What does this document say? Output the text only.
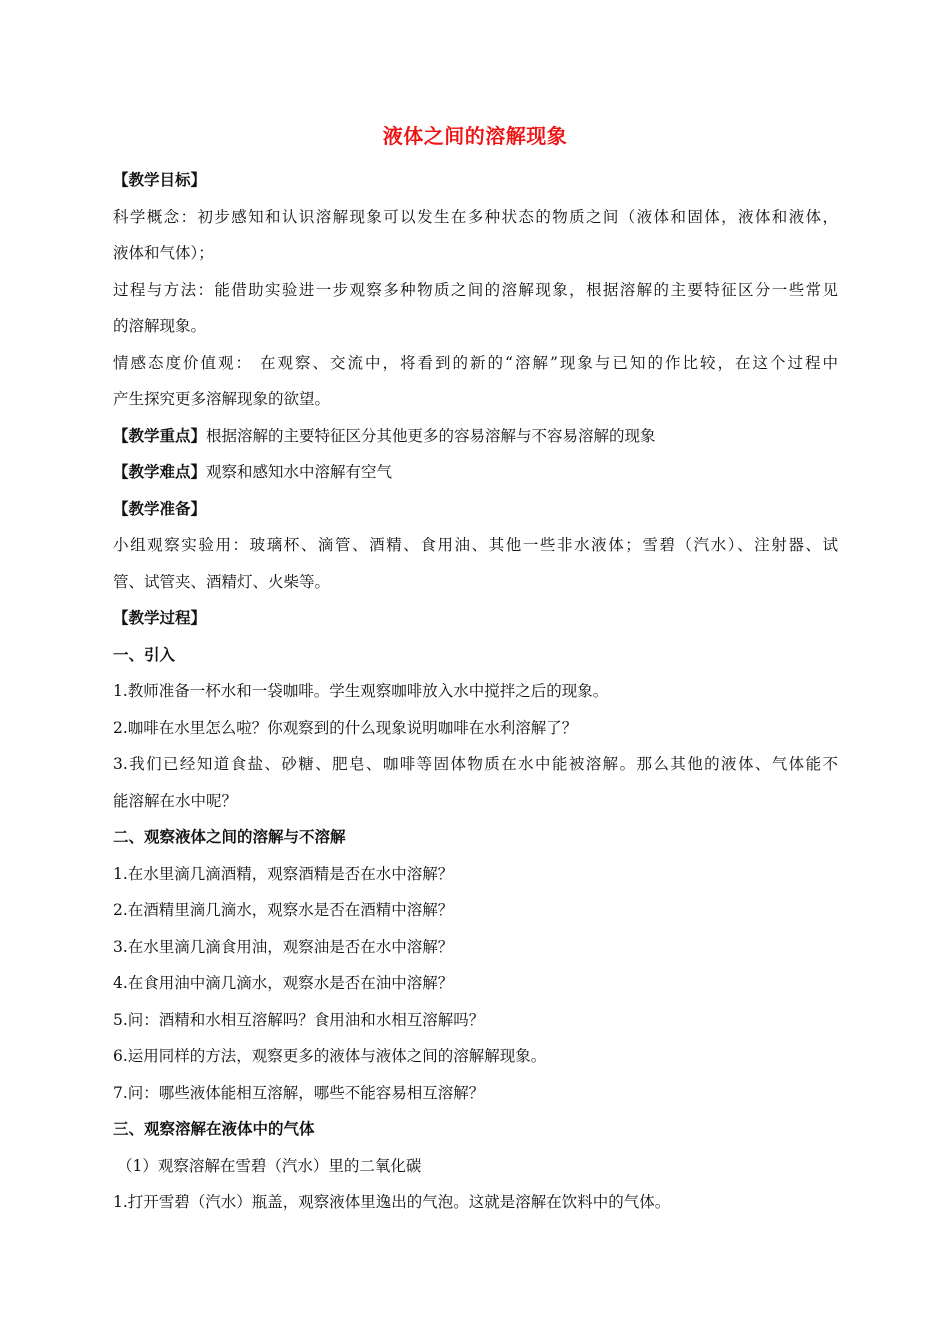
液体之间的溶解现象
【教学目标】
科学概念：初步感知和认识溶解现象可以发生在多种状态的物质之间（液体和固体，液体和液体，
液体和气体）；
过程与方法：能借助实验进一步观察多种物质之间的溶解现象，根据溶解的主要特征区分一些常见
的溶解现象。
情感态度价值观： 在观察、交流中，将看到的新的“溶解”现象与已知的作比较，在这个过程中
产生探究更多溶解现象的欲望。
【教学重点】根据溶解的主要特征区分其他更多的容易溶解与不容易溶解的现象
【教学难点】观察和感知水中溶解有空气
【教学准备】
小组观察实验用：玻璃杯、滴管、酒精、食用油、其他一些非水液体；雪碧（汽水）、注射器、试
管、试管夹、酒精灯、火柴等。
【教学过程】
一、引入
1.教师准备一杯水和一袋咖啡。学生观察咖啡放入水中搅拌之后的现象。
2.咖啡在水里怎么啦？你观察到的什么现象说明咖啡在水利溶解了？
3.我们已经知道食盐、砂糖、肥皂、咖啡等固体物质在水中能被溶解。那么其他的液体、气体能不
能溶解在水中呢？
二、观察液体之间的溶解与不溶解
1.在水里滴几滴酒精，观察酒精是否在水中溶解？
2.在酒精里滴几滴水，观察水是否在酒精中溶解？
3.在水里滴几滴食用油，观察油是否在水中溶解？
4.在食用油中滴几滴水，观察水是否在油中溶解？
5.问：酒精和水相互溶解吗？食用油和水相互溶解吗？
6.运用同样的方法，观察更多的液体与液体之间的溶解解现象。
7.问：哪些液体能相互溶解，哪些不能容易相互溶解？
三、观察溶解在液体中的气体
（1）观察溶解在雪碧（汽水）里的二氧化碳
1.打开雪碧（汽水）瓶盖，观察液体里逸出的气泡。这就是溶解在饮料中的气体。
